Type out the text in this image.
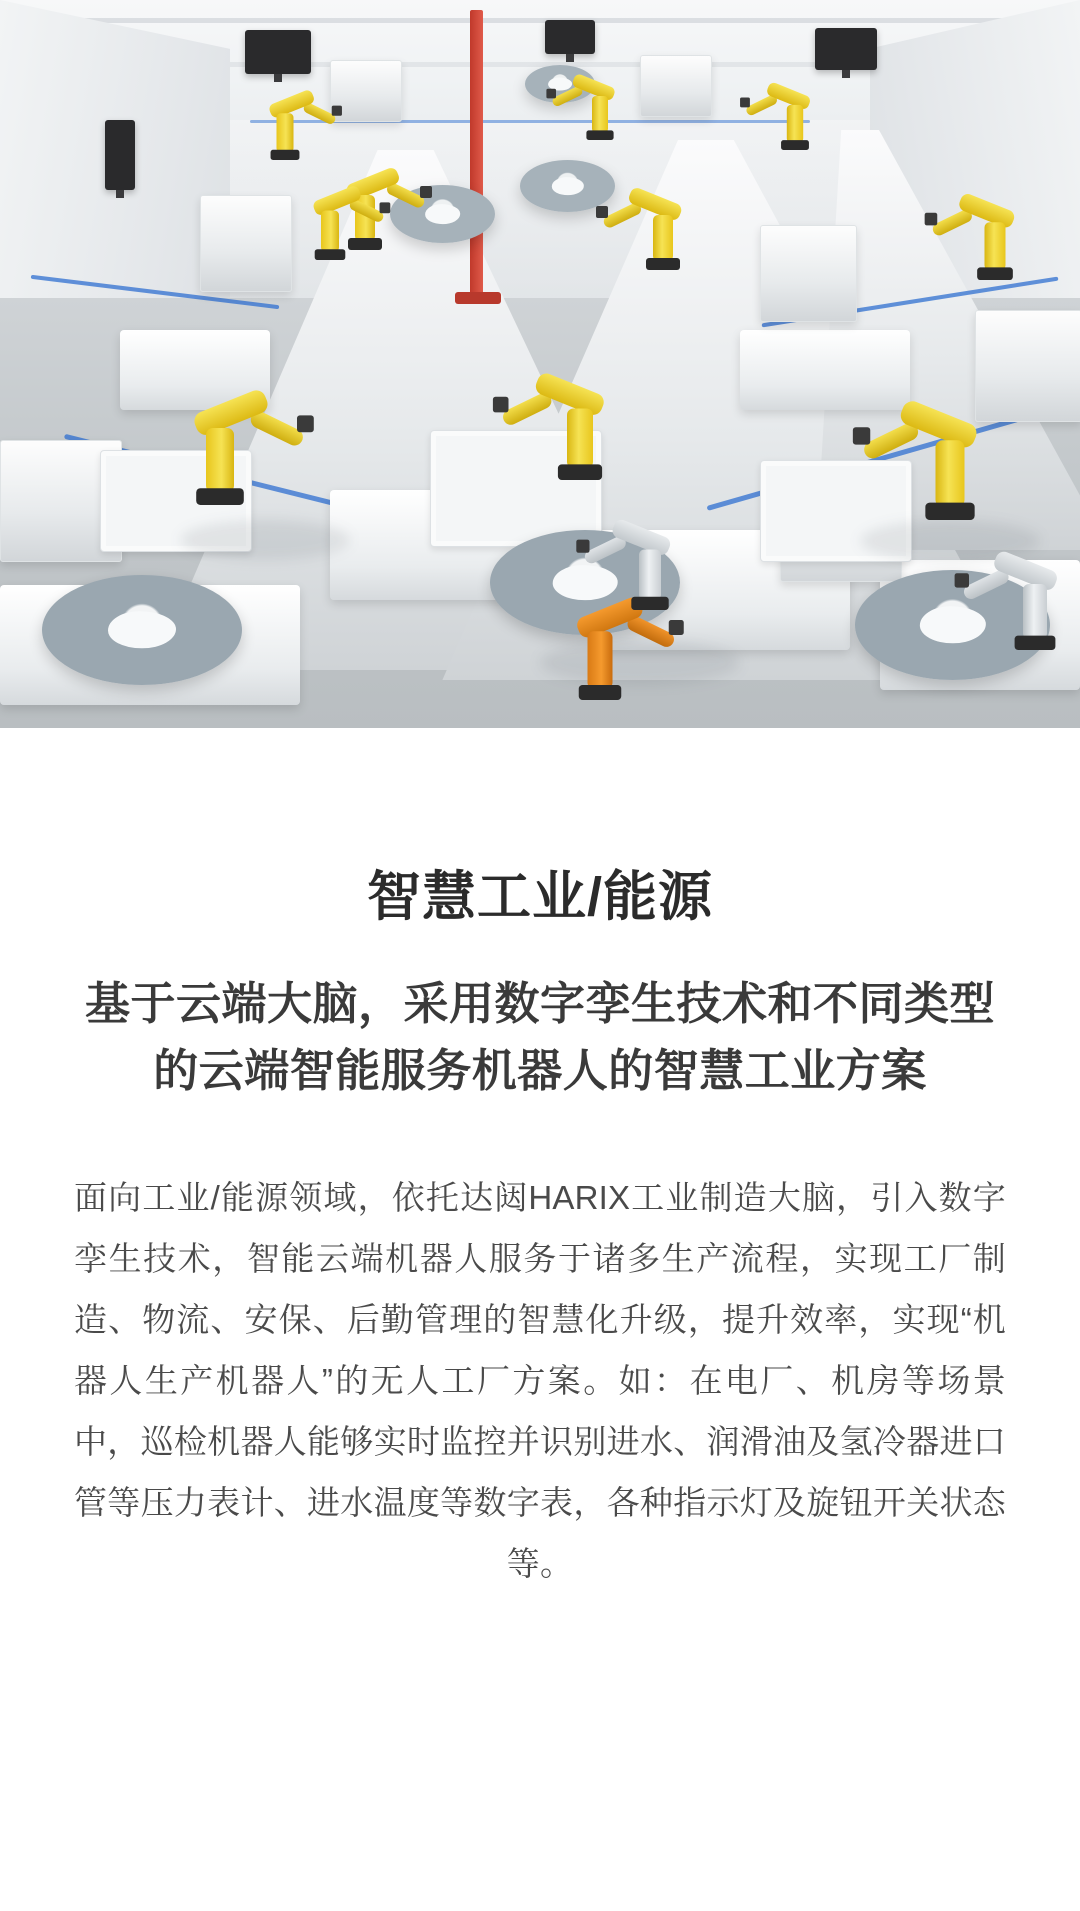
智慧工业/能源
基于云端大脑，采用数字孪生技术和不同类型的云端智能服务机器人的智慧工业方案

面向工业/能源领域，依托达闼HARIX工业制造大脑，引入数字孪生技术，智能云端机器人服务于诸多生产流程，实现工厂制造、物流、安保、后勤管理的智慧化升级，提升效率，实现“机器人生产机器人”的无人工厂方案。如：在电厂、机房等场景中，巡检机器人能够实时监控并识别进水、润滑油及氢冷器进口管等压力表计、进水温度等数字表，各种指示灯及旋钮开关状态等。
